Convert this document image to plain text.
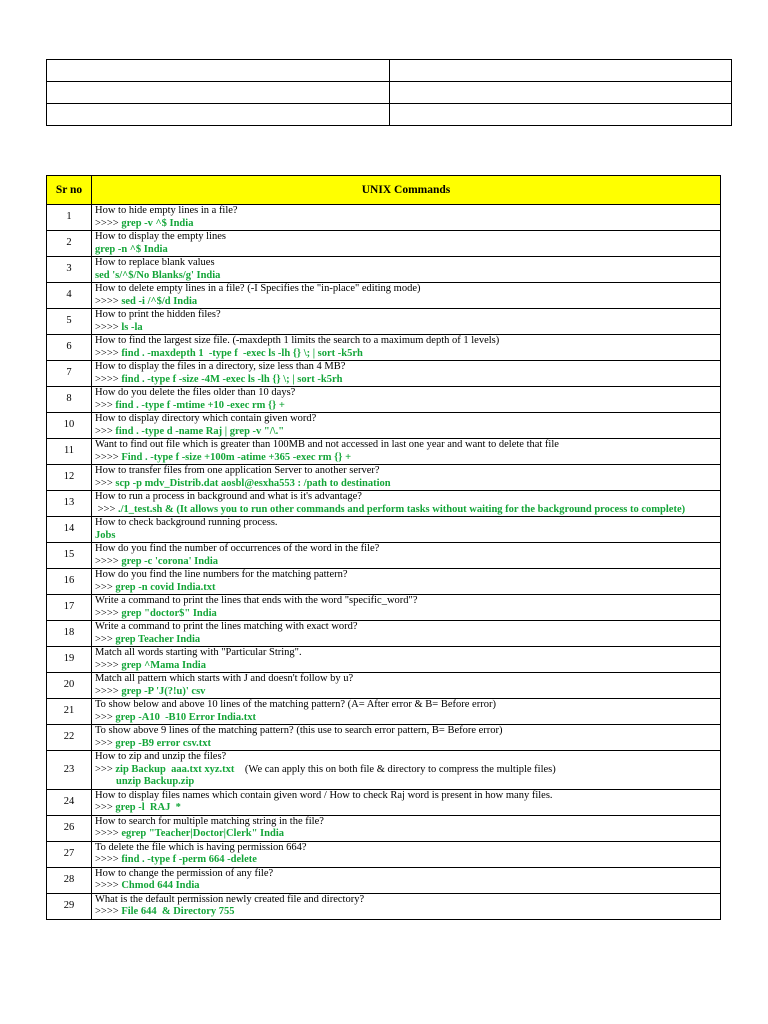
Sr no	UNIX Commands
1	How to hide empty lines in a file?
>>>> grep -v ^$ India

2	How to display the empty lines
grep -n ^$ India

3	How to replace blank values
sed 's/^$/No Blanks/g' India

4	How to delete empty lines in a file? (-I Specifies the "in-place" editing mode)
>>>> sed -i /^$/d India

5	How to print the hidden files?
>>>> ls -la

6	How to find the largest size file. (-maxdepth 1 limits the search to a maximum depth of 1 levels)
>>>> find . -maxdepth 1  -type f  -exec ls -lh {} \; | sort -k5rh

7	How to display the files in a directory, size less than 4 MB?
>>>> find . -type f -size -4M -exec ls -lh {} \; | sort -k5rh

8	How do you delete the files older than 10 days?
>>> find . -type f -mtime +10 -exec rm {} +

10	How to display directory which contain given word?
>>> find . -type d -name Raj | grep -v "/\."

11	Want to find out file which is greater than 100MB and not accessed in last one year and want to delete that file
>>>> Find . -type f -size +100m -atime +365 -exec rm {} +

12	How to transfer files from one application Server to another server?
>>> scp -p mdv_Distrib.dat aosbl@esxha553 : /path to destination

13	How to run a process in background and what is it's advantage?
>>> ./1_test.sh & (It allows you to run other commands and perform tasks without waiting for the background process to complete)

14	How to check background running process.
Jobs

15	How do you find the number of occurrences of the word in the file?
>>>> grep -c 'corona' India

16	How do you find the line numbers for the matching pattern?
>>> grep -n covid India.txt

17	Write a command to print the lines that ends with the word "specific_word"?
>>>> grep "doctor$" India

18	Write a command to print the lines matching with exact word?
>>> grep Teacher India

19	Match all words starting with "Particular String".
>>>> grep ^Mama India

20	Match all pattern which starts with J and doesn't follow by u?
>>>> grep -P 'J(?!u)' csv

21	To show below and above 10 lines of the matching pattern? (A= After error & B= Before error)
>>> grep -A10  -B10 Error India.txt

22	To show above 9 lines of the matching pattern? (this use to search error pattern, B= Before error)
>>> grep -B9 error csv.txt

23	How to zip and unzip the files?
>>> zip Backup  aaa.txt xyz.txt    (We can apply this on both file & directory to compress the multiple files)
unzip Backup.zip

24	How to display files names which contain given word / How to check Raj word is present in how many files.
>>> grep -l  RAJ  *

26	How to search for multiple matching string in the file?
>>>> egrep "Teacher|Doctor|Clerk" India

27	To delete the file which is having permission 664?
>>>> find . -type f -perm 664 -delete

28	How to change the permission of any file?
>>>> Chmod 644 India

29	What is the default permission newly created file and directory?
>>>> File 644  & Directory 755
